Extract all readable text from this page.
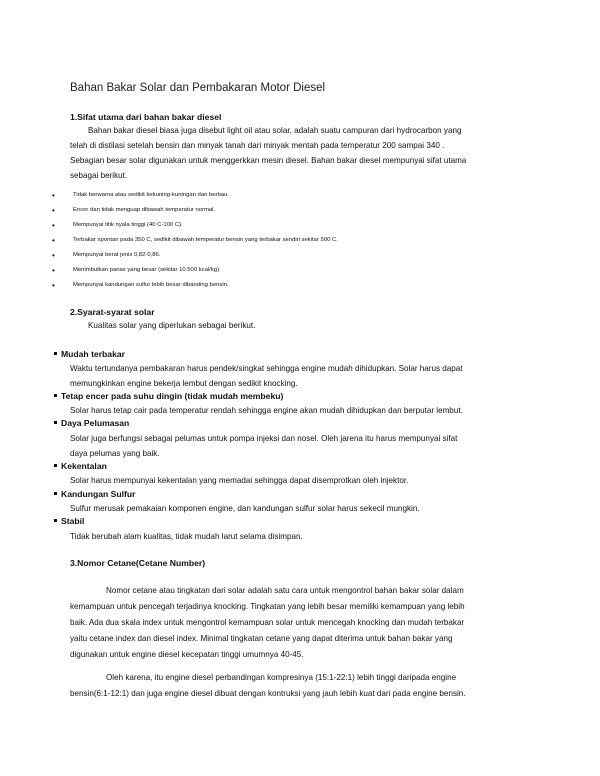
Bahan Bakar Solar dan Pembakaran Motor Diesel
1.Sifat utama dari bahan bakar diesel
Bahan bakar diesel biasa juga disebut light oil atau solar, adalah suatu campuran dari hydrocarbon yang
telah di distilasi setelah bensin dan minyak tanah dari minyak mentah pada temperatur 200 sampai 340 .
Sebagian besar solar digunakan untuk menggerkkan mesin diesel. Bahan bakar diesel mempunyai sifat utama
sebagai berikut.
• Tidak berwarna atau sedikit kekuning-kuningan dan berbau.
• Encer dan tidak menguap dibawah temperatur normal.
• Mempunyai titik nyala tinggi (40 C-100 C).
• Terbakar spontan pada 350 C, sedikit dibawah temperatur bensin yang terbakar sendiri sekitar 500 C.
• Mempunyai berat jenis 0,82-0,86.
• Menimbulkan panas yang besar (sekitar 10.500 kcal/kg).
• Mempunyai kandungan sulfur lebih besar dibanding bensin.
2.Syarat-syarat solar
Kualitas solar yang diperlukan sebagai berikut.
Mudah terbakar
Waktu tertundanya pembakaran harus pendek/singkat sehingga engine mudah dihidupkan. Solar harus dapat
memungkinkan engine bekerja lembut dengan sedikit knocking.
Tetap encer pada suhu dingin (tidak mudah membeku)
Solar harus tetap cair pada temperatur rendah sehingga engine akan mudah dihidupkan dan berputar lembut.
Daya Pelumasan
Solar juga berfungsi sebagai pelumas untuk pompa injeksi dan nosel. Oleh jarena itu harus mempunyai sifat
daya pelumas yang baik.
Kekentalan
Solar harus mempunyai kekentalan yang memadai sehingga dapat disemprotkan oleh injektor.
Kandungan Sulfur
Sulfur merusak pemakaian komponen engine, dan kandungan sulfur solar harus sekecil mungkin.
Stabil
Tidak berubah alam kualitas, tidak mudah larut selama disimpan.
3.Nomor Cetane(Cetane Number)
Nomor cetane atau tingkatan dari solar adalah satu cara untuk mengontrol bahan bakar solar dalam
kemampuan untuk pencegah terjadinya knocking. Tingkatan yang lebih besar memiliki kemampuan yang lebih
baik. Ada dua skala index untuk mengontrol kemampuan solar untuk mencegah knocking dan mudah terbakar
yaitu cetane index dan diesel index. Minimal tingkatan cetane yang dapat diterima untuk bahan bakar yang
digunakan untuk engine diesel kecepatan tinggi umumnya 40-45.
Oleh karena, itu engine diesel perbandingan kompresinya (15:1-22:1) lebih tinggi daripada engine
bensin(6:1-12:1) dan juga engine diesel dibuat dengan kontruksi yang jauh lebih kuat dari pada engine bensin.
